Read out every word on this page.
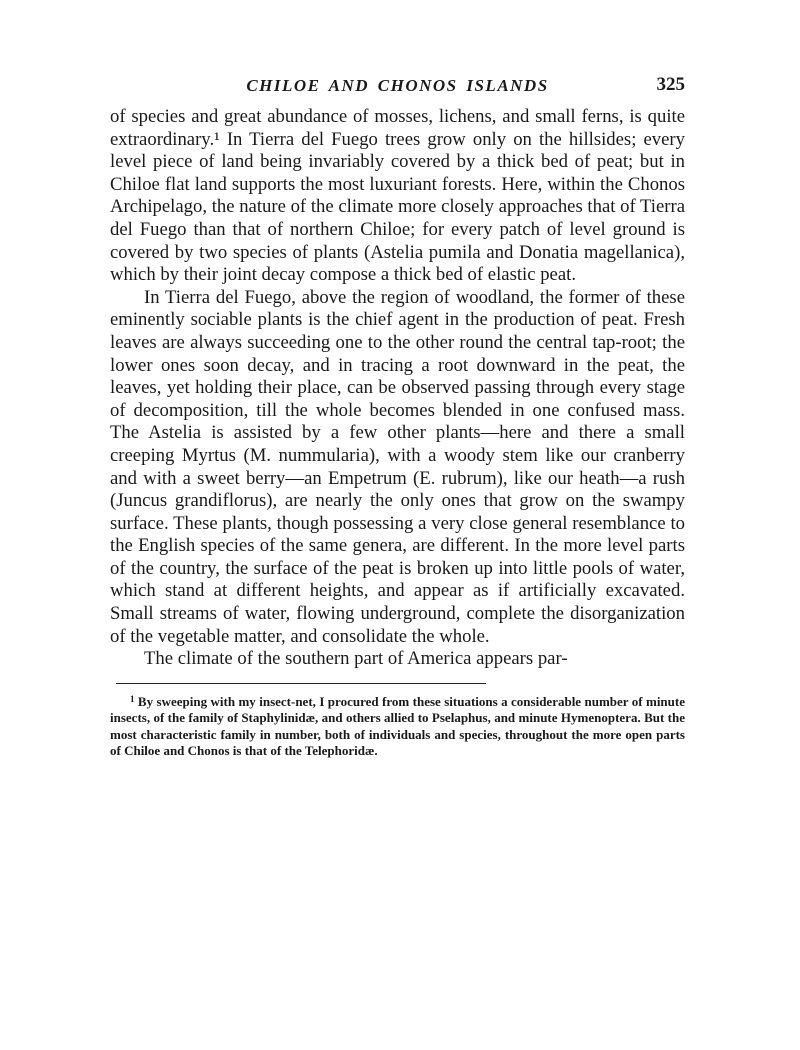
CHILOE AND CHONOS ISLANDS	325

of species and great abundance of mosses, lichens, and small ferns, is quite extraordinary.¹ In Tierra del Fuego trees grow only on the hillsides; every level piece of land being invariably covered by a thick bed of peat; but in Chiloe flat land supports the most luxuriant forests. Here, within the Chonos Archipelago, the nature of the climate more closely approaches that of Tierra del Fuego than that of northern Chiloe; for every patch of level ground is covered by two species of plants (Astelia pumila and Donatia magellanica), which by their joint decay compose a thick bed of elastic peat.

In Tierra del Fuego, above the region of woodland, the former of these eminently sociable plants is the chief agent in the production of peat. Fresh leaves are always succeeding one to the other round the central tap-root; the lower ones soon decay, and in tracing a root downward in the peat, the leaves, yet holding their place, can be observed passing through every stage of decomposition, till the whole becomes blended in one confused mass. The Astelia is assisted by a few other plants—here and there a small creeping Myrtus (M. nummularia), with a woody stem like our cranberry and with a sweet berry—an Empetrum (E. rubrum), like our heath—a rush (Juncus grandiflorus), are nearly the only ones that grow on the swampy surface. These plants, though possessing a very close general resemblance to the English species of the same genera, are different. In the more level parts of the country, the surface of the peat is broken up into little pools of water, which stand at different heights, and appear as if artificially excavated. Small streams of water, flowing underground, complete the disorganization of the vegetable matter, and consolidate the whole.

The climate of the southern part of America appears par-

$^1$ By sweeping with my insect-net, I procured from these situations a considerable number of minute insects, of the family of Staphylinidæ, and others allied to Pselaphus, and minute Hymenoptera. But the most characteristic family in number, both of individuals and species, throughout the more open parts of Chiloe and Chonos is that of the Telephoridæ.
